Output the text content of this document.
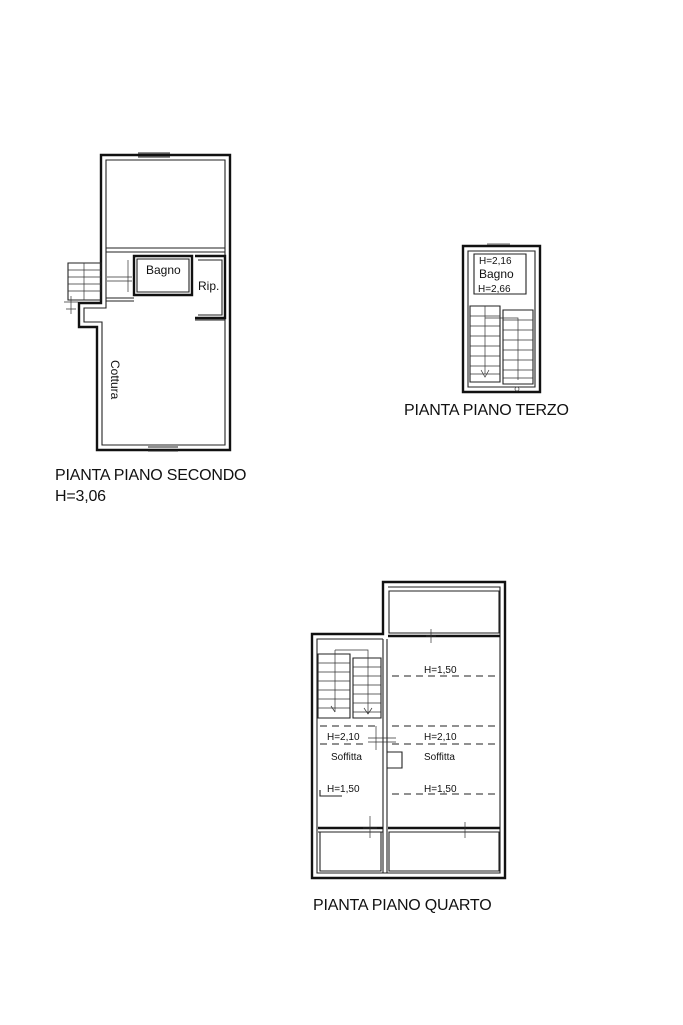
Bagno
Rip.
Cottura
H=2,16
Bagno
H=2,66
H=1,50
H=2,10	H=2,10
Soffitta	Soffitta
H=1,50	H=1,50
PIANTA PIANO SECONDO
H=3,06
PIANTA PIANO TERZO
PIANTA PIANO QUARTO
